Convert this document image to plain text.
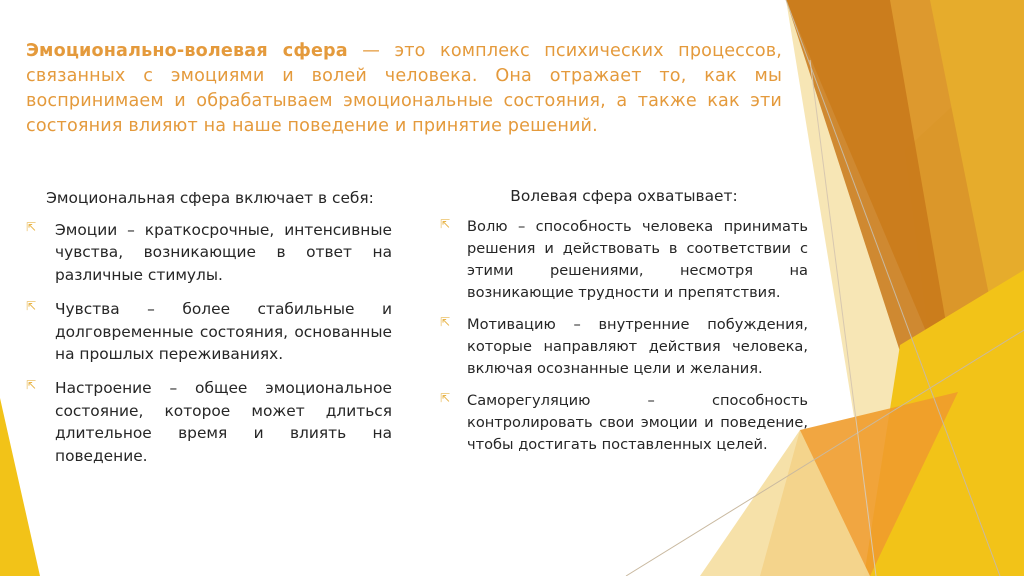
Эмоционально-волевая сфера — это комплекс психических процессов, связанных с эмоциями и волей человека. Она отражает то, как мы воспринимаем и обрабатываем эмоциональные состояния, а также как эти состояния влияют на наше поведение и принятие решений.
Эмоциональная сфера включает в себя:
⇱ Эмоции – краткосрочные, интенсивные чувства, возникающие в ответ на различные стимулы.
⇱ Чувства – более стабильные и долговременные состояния, основанные на прошлых переживаниях.
⇱ Настроение – общее эмоциональное состояние, которое может длиться длительное время и влиять на поведение.
Волевая сфера охватывает:
⇱ Волю – способность человека принимать решения и действовать в соответствии с этими решениями, несмотря на возникающие трудности и препятствия.
⇱ Мотивацию – внутренние побуждения, которые направляют действия человека, включая осознанные цели и желания.
⇱ Саморегуляцию – способность контролировать свои эмоции и поведение, чтобы достигать поставленных целей.
